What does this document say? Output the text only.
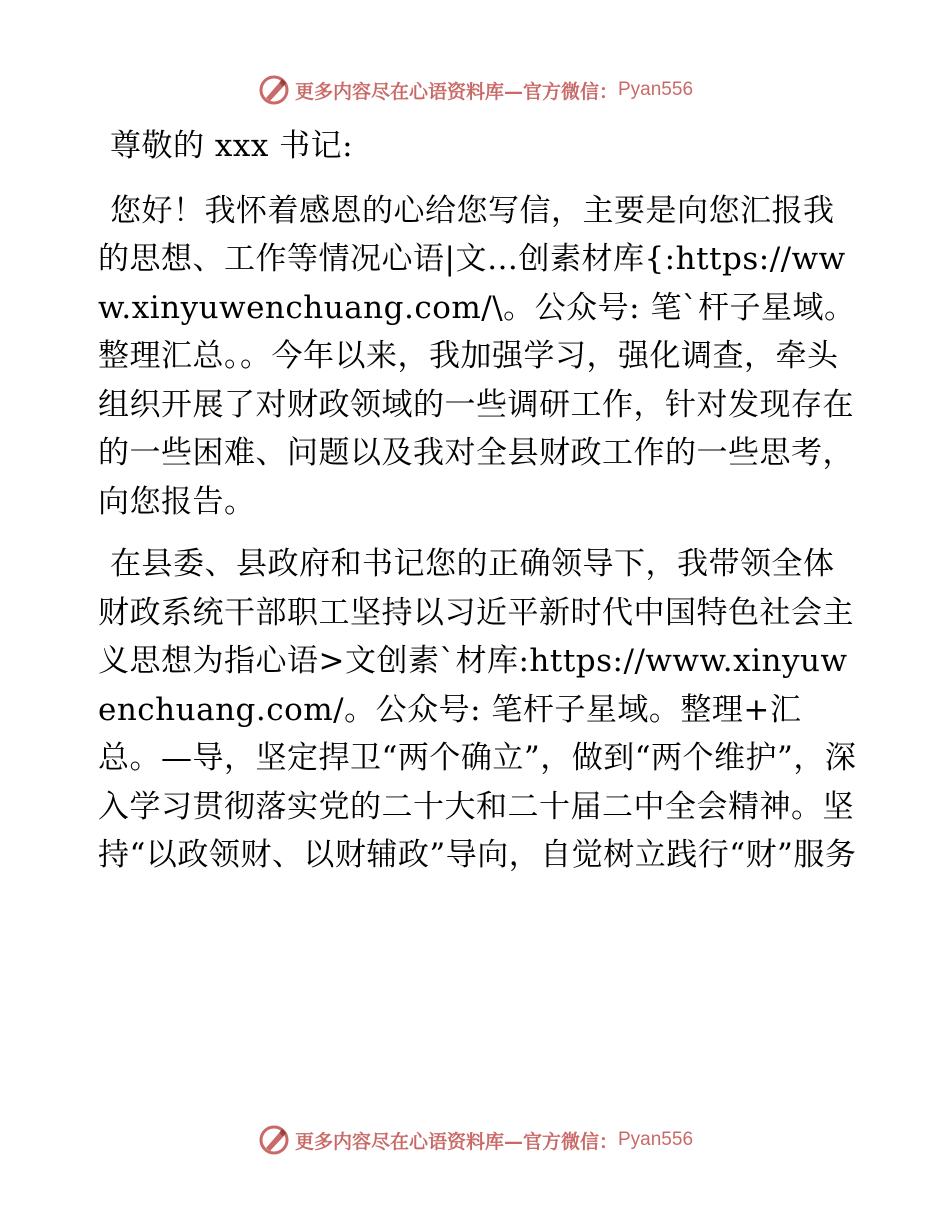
更多内容尽在心语资料库—官方微信： Pyan556

尊敬的 xxx 书记:

您好！我怀着感恩的心给您写信，主要是向您汇报我的思想、工作等情况心语|文…创素材库{:https://www.xinyuwenchuang.com/\。公众号: 笔`杆子星域。整理汇总。。今年以来，我加强学习，强化调查，牵头组织开展了对财政领域的一些调研工作，针对发现存在的一些困难、问题以及我对全县财政工作的一些思考，向您报告。

在县委、县政府和书记您的正确领导下，我带领全体财政系统干部职工坚持以习近平新时代中国特色社会主义思想为指心语>文创素`材库:https://www.xinyuwenchuang.com/。公众号: 笔杆子星域。整理+汇总。—导，坚定捍卫“两个确立”，做到“两个维护”，深入学习贯彻落实党的二十大和二十届二中全会精神。坚持“以政领财、以财辅政”导向，自觉树立践行“财”服务

更多内容尽在心语资料库—官方微信： Pyan556
